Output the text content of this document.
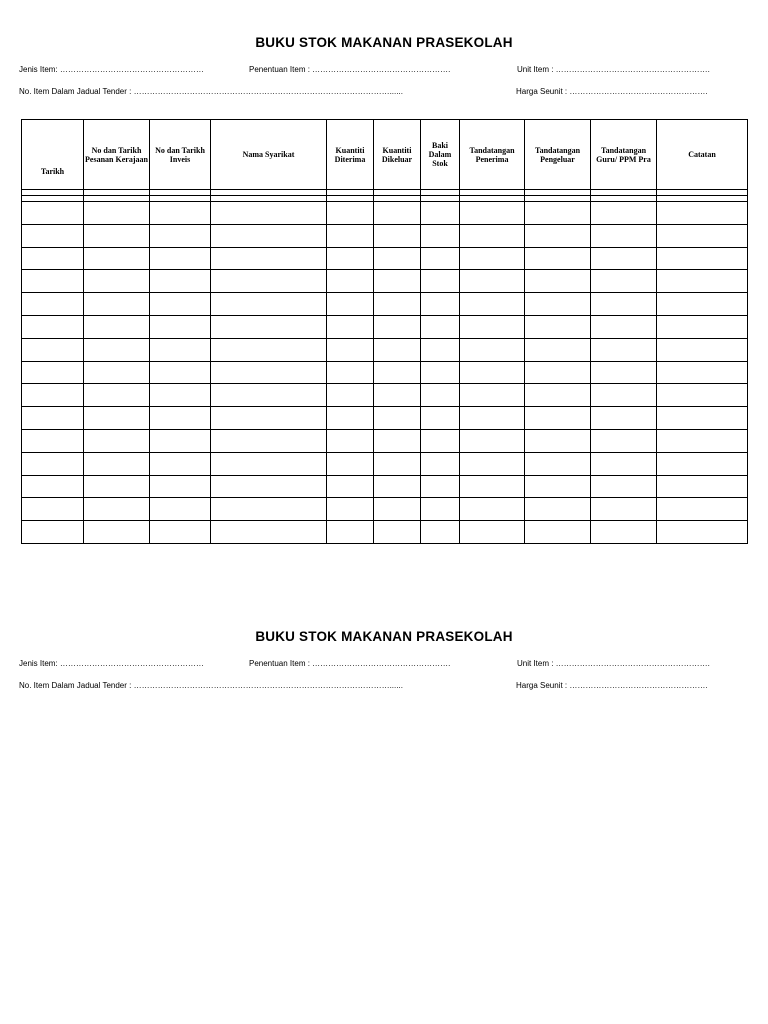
BUKU STOK MAKANAN PRASEKOLAH
Jenis Item: ………………………………………………	Penentuan Item : …………………………………………….	Unit Item : ………………………………………………….
No. Item Dalam Jadual Tender : ……………………………………………………………………………………......	Harga Seunit : …………………………………………….
Tarikh	No dan Tarikh Pesanan Kerajaan	No dan Tarikh Inveis	Nama Syarikat	Kuantiti Diterima	Kuantiti Dikeluar	Baki Dalam Stok	Tandatangan Penerima	Tandatangan Pengeluar	Tandatangan Guru/ PPM Pra	Catatan

BUKU STOK MAKANAN PRASEKOLAH
Jenis Item: ………………………………………………	Penentuan Item : …………………………………………….	Unit Item : ………………………………………………….
No. Item Dalam Jadual Tender : ……………………………………………………………………………………......	Harga Seunit : …………………………………………….
